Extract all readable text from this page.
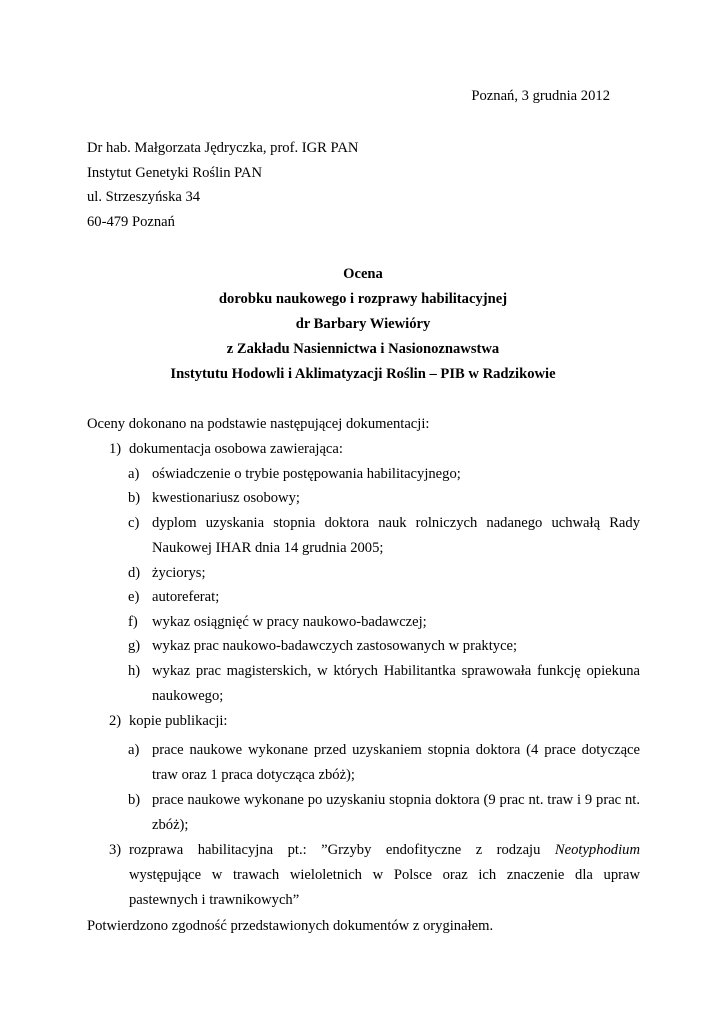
Poznań, 3 grudnia 2012
Dr hab. Małgorzata Jędryczka, prof. IGR PAN
Instytut Genetyki Roślin PAN
ul. Strzeszyńska 34
60-479 Poznań
Ocena
dorobku naukowego i rozprawy habilitacyjnej
dr Barbary Wiewióry
z Zakładu Nasiennictwa i Nasionoznawstwa
Instytutu Hodowli i Aklimatyzacji Roślin – PIB w Radzikowie
Oceny dokonano na podstawie następującej dokumentacji:
1) dokumentacja osobowa zawierająca:
a) oświadczenie o trybie postępowania habilitacyjnego;
b) kwestionariusz osobowy;
c) dyplom uzyskania stopnia doktora nauk rolniczych nadanego uchwałą Rady
Naukowej IHAR dnia 14 grudnia 2005;
d) życiorys;
e) autoreferat;
f) wykaz osiągnięć w pracy naukowo-badawczej;
g) wykaz prac naukowo-badawczych zastosowanych w praktyce;
h) wykaz prac magisterskich, w których Habilitantka sprawowała funkcję opiekuna
naukowego;
2) kopie publikacji:
a) prace naukowe wykonane przed uzyskaniem stopnia doktora (4 prace dotyczące
traw oraz 1 praca dotycząca zbóż);
b) prace naukowe wykonane po uzyskaniu stopnia doktora (9 prac nt. traw i 9 prac nt.
zbóż);
3) rozprawa habilitacyjna pt.: ”Grzyby endofityczne z rodzaju Neotyphodium
występujące w trawach wieloletnich w Polsce oraz ich znaczenie dla upraw
pastewnych i trawnikowych”
Potwierdzono zgodność przedstawionych dokumentów z oryginałem.
